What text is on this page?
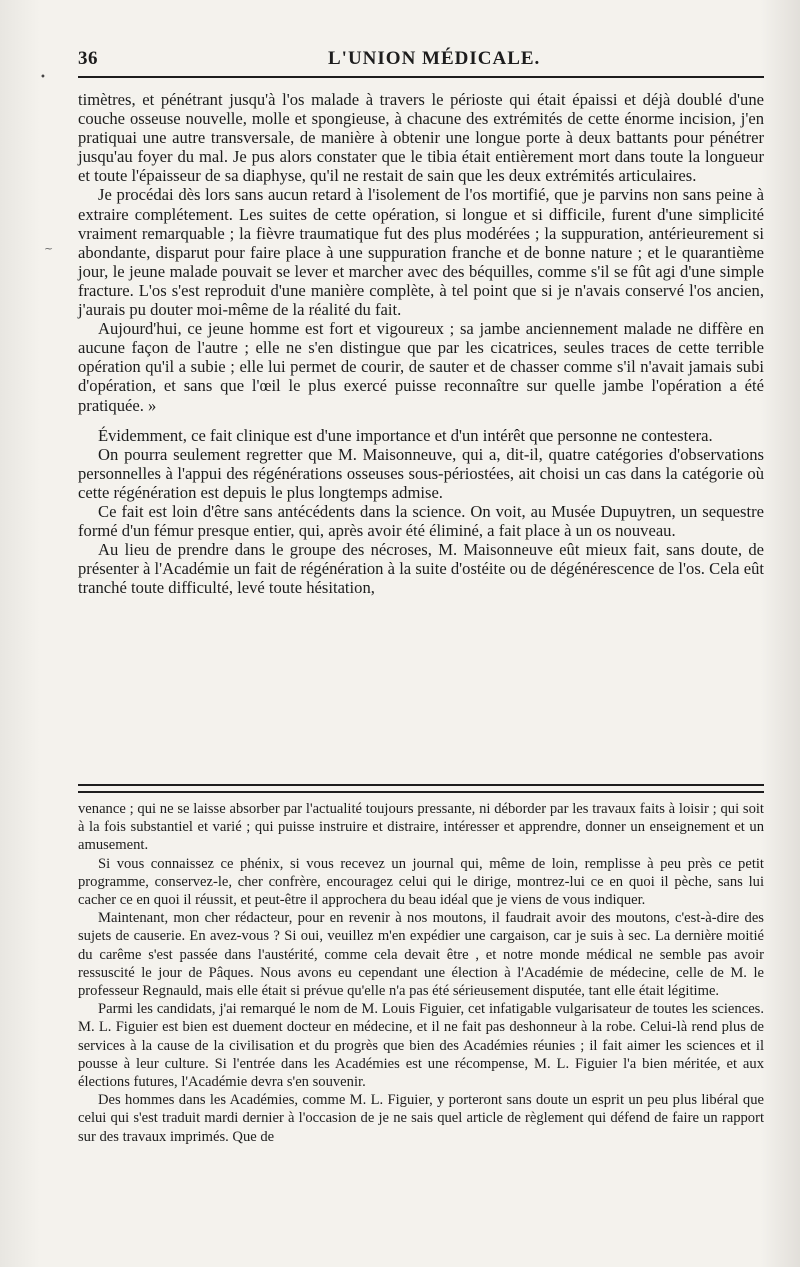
•
~
36	L'UNION MÉDICALE.

timètres, et pénétrant jusqu'à l'os malade à travers le périoste qui était épaissi et déjà doublé d'une couche osseuse nouvelle, molle et spongieuse, à chacune des extrémités de cette énorme incision, j'en pratiquai une autre transversale, de manière à obtenir une longue porte à deux battants pour pénétrer jusqu'au foyer du mal. Je pus alors constater que le tibia était entièrement mort dans toute la longueur et toute l'épaisseur de sa diaphyse, qu'il ne restait de sain que les deux extrémités articulaires.

Je procédai dès lors sans aucun retard à l'isolement de l'os mortifié, que je parvins non sans peine à extraire complétement. Les suites de cette opération, si longue et si difficile, furent d'une simplicité vraiment remarquable ; la fièvre traumatique fut des plus modérées ; la suppuration, antérieurement si abondante, disparut pour faire place à une suppuration franche et de bonne nature ; et le quarantième jour, le jeune malade pouvait se lever et marcher avec des béquilles, comme s'il se fût agi d'une simple fracture. L'os s'est reproduit d'une manière complète, à tel point que si je n'avais conservé l'os ancien, j'aurais pu douter moi-même de la réalité du fait.

Aujourd'hui, ce jeune homme est fort et vigoureux ; sa jambe anciennement malade ne diffère en aucune façon de l'autre ; elle ne s'en distingue que par les cicatrices, seules traces de cette terrible opération qu'il a subie ; elle lui permet de courir, de sauter et de chasser comme s'il n'avait jamais subi d'opération, et sans que l'œil le plus exercé puisse reconnaître sur quelle jambe l'opération a été pratiquée. »

Évidemment, ce fait clinique est d'une importance et d'un intérêt que personne ne contestera.

On pourra seulement regretter que M. Maisonneuve, qui a, dit-il, quatre catégories d'observations personnelles à l'appui des régénérations osseuses sous-périostées, ait choisi un cas dans la catégorie où cette régénération est depuis le plus longtemps admise.

Ce fait est loin d'être sans antécédents dans la science. On voit, au Musée Dupuytren, un sequestre formé d'un fémur presque entier, qui, après avoir été éliminé, a fait place à un os nouveau.

Au lieu de prendre dans le groupe des nécroses, M. Maisonneuve eût mieux fait, sans doute, de présenter à l'Académie un fait de régénération à la suite d'ostéite ou de dégénérescence de l'os. Cela eût tranché toute difficulté, levé toute hésitation,

venance ; qui ne se laisse absorber par l'actualité toujours pressante, ni déborder par les travaux faits à loisir ; qui soit à la fois substantiel et varié ; qui puisse instruire et distraire, intéresser et apprendre, donner un enseignement et un amusement.

Si vous connaissez ce phénix, si vous recevez un journal qui, même de loin, remplisse à peu près ce petit programme, conservez-le, cher confrère, encouragez celui qui le dirige, montrez-lui ce en quoi il pèche, sans lui cacher ce en quoi il réussit, et peut-être il approchera du beau idéal que je viens de vous indiquer.

Maintenant, mon cher rédacteur, pour en revenir à nos moutons, il faudrait avoir des moutons, c'est-à-dire des sujets de causerie. En avez-vous ? Si oui, veuillez m'en expédier une cargaison, car je suis à sec. La dernière moitié du carême s'est passée dans l'austérité, comme cela devait être , et notre monde médical ne semble pas avoir ressuscité le jour de Pâques. Nous avons eu cependant une élection à l'Académie de médecine, celle de M. le professeur Regnauld, mais elle était si prévue qu'elle n'a pas été sérieusement disputée, tant elle était légitime.

Parmi les candidats, j'ai remarqué le nom de M. Louis Figuier, cet infatigable vulgarisateur de toutes les sciences. M. L. Figuier est bien est duement docteur en médecine, et il ne fait pas deshonneur à la robe. Celui-là rend plus de services à la cause de la civilisation et du progrès que bien des Académies réunies ; il fait aimer les sciences et il pousse à leur culture. Si l'entrée dans les Académies est une récompense, M. L. Figuier l'a bien méritée, et aux élections futures, l'Académie devra s'en souvenir.

Des hommes dans les Académies, comme M. L. Figuier, y porteront sans doute un esprit un peu plus libéral que celui qui s'est traduit mardi dernier à l'occasion de je ne sais quel article de règlement qui défend de faire un rapport sur des travaux imprimés. Que de
